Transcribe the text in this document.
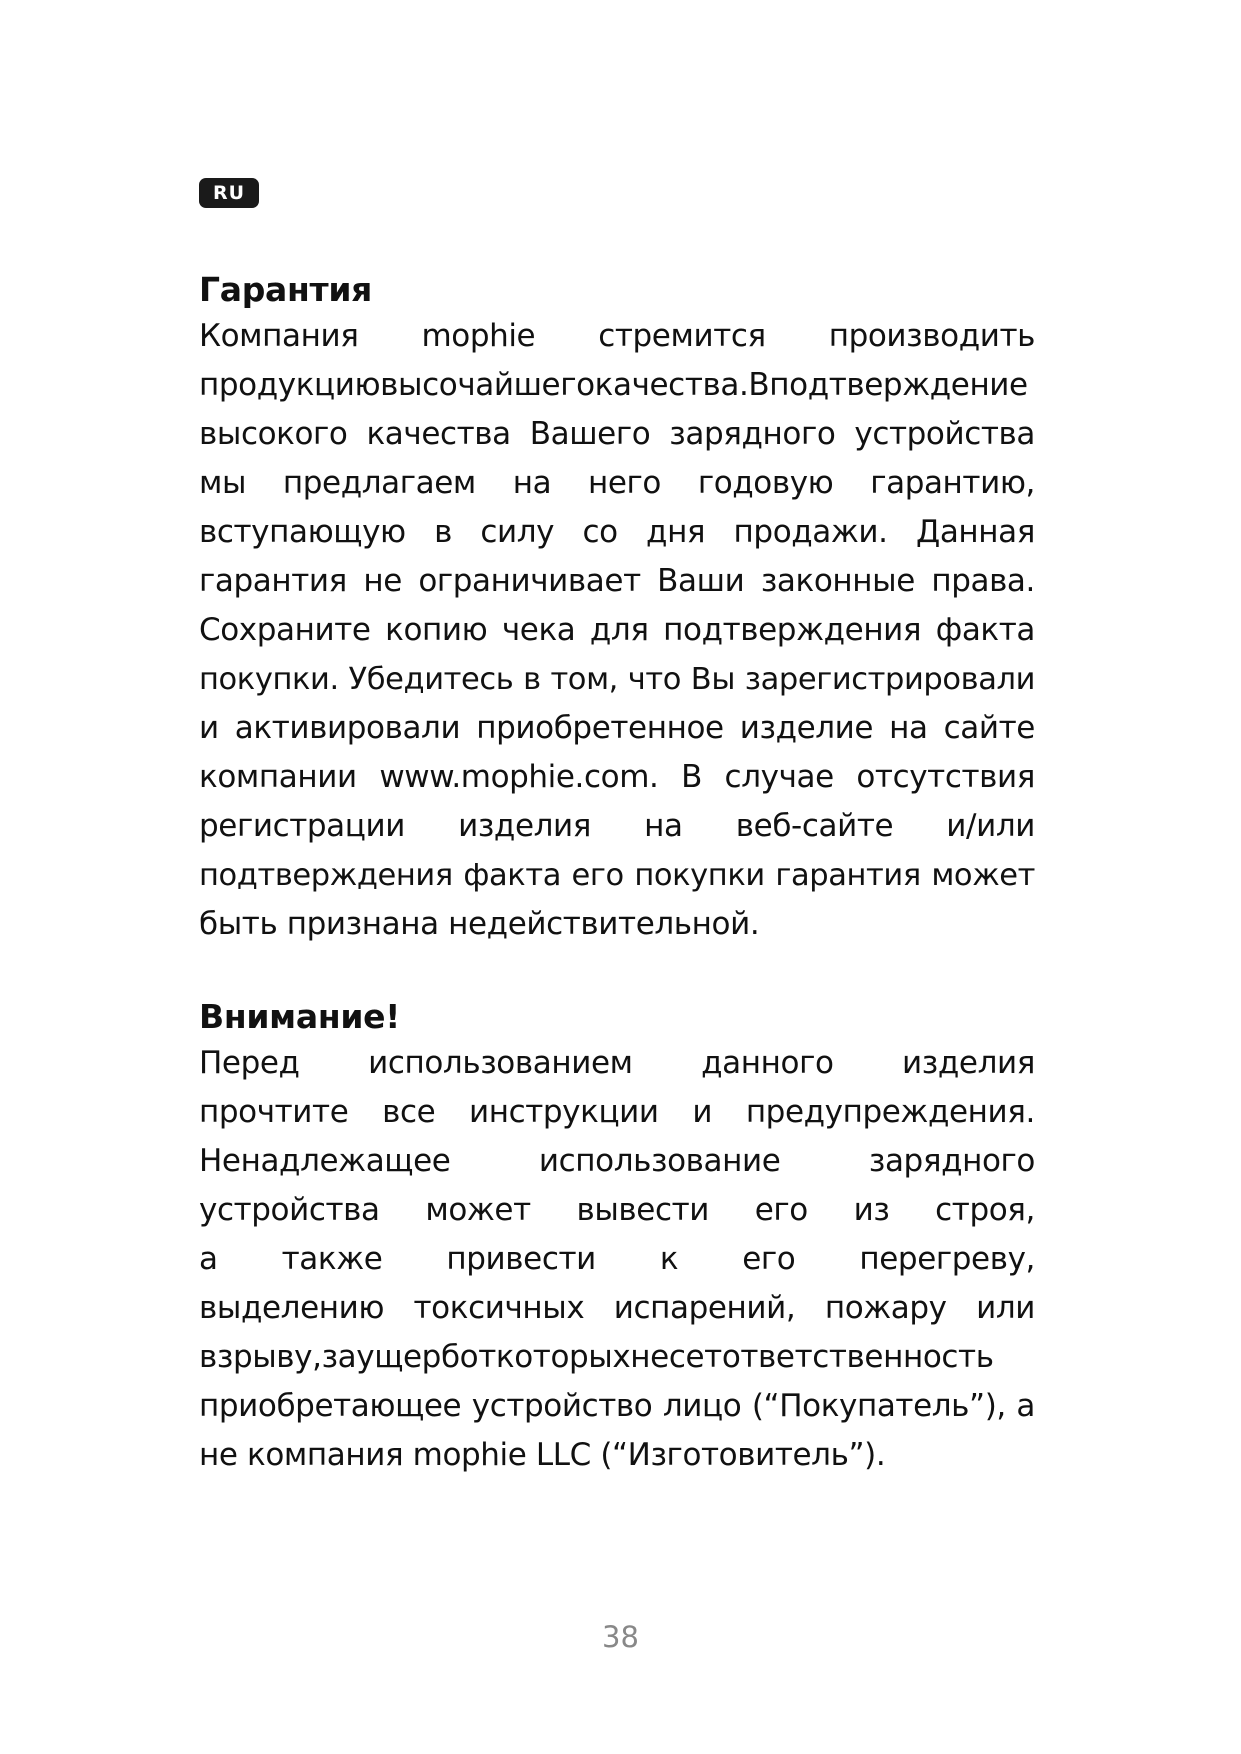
RU
Гарантия
Компания mophie стремится производить
продукциювысочайшегокачества.Вподтверждение
высокого качества Вашего зарядного устройства
мы предлагаем на него годовую гарантию,
вступающую в силу со дня продажи. Данная
гарантия не ограничивает Ваши законные права.
Сохраните копию чека для подтверждения факта
покупки. Убедитесь в том, что Вы зарегистрировали
и активировали приобретенное изделие на сайте
компании www.mophie.com. В случае отсутствия
регистрации изделия на веб-сайте и/или
подтверждения факта его покупки гарантия может
быть признана недействительной.
Внимание!
Перед использованием данного изделия
прочтите все инструкции и предупреждения.
Ненадлежащее использование зарядного
устройства может вывести его из строя,
а также привести к его перегреву,
выделению токсичных испарений, пожару или
взрыву,заущерботкоторыхнесетответственность
приобретающее устройство лицо (“Покупатель”), а
не компания mophie LLC (“Изготовитель”).
38
